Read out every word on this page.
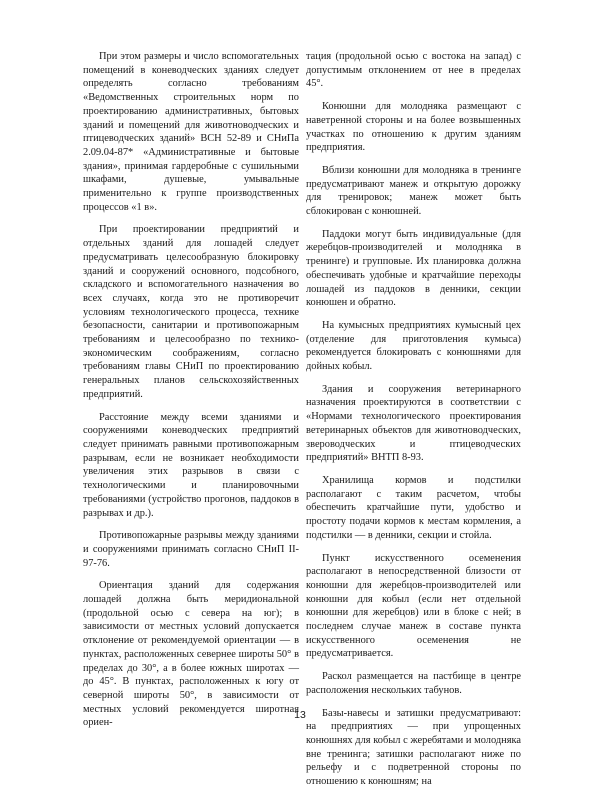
При этом размеры и число вспомогательных помещений в коневодческих зданиях следует определять согласно требованиям «Ведомственных строительных норм по проектированию административных, бытовых зданий и помещений для животноводческих и птицеводческих зданий» ВСН 52-89 и СНиПа 2.09.04-87* «Административные и бытовые здания», принимая гардеробные с сушильными шкафами, душевые, умывальные применительно к группе производственных процессов «1 в».

При проектировании предприятий и отдельных зданий для лошадей следует предусматривать целесообразную блокировку зданий и сооружений основного, подсобного, складского и вспомогательного назначения во всех случаях, когда это не противоречит условиям технологического процесса, технике безопасности, санитарии и противопожарным требованиям и целесообразно по технико-экономическим соображениям, согласно требованиям главы СНиП по проектированию генеральных планов сельскохозяйственных предприятий.

Расстояние между всеми зданиями и сооружениями коневодческих предприятий следует принимать равными противопожарным разрывам, если не возникает необходимости увеличения этих разрывов в связи с технологическими и планировочными требованиями (устройство прогонов, паддоков в разрывах и др.).

Противопожарные разрывы между зданиями и сооружениями принимать согласно СНиП II-97-76.

Ориентация зданий для содержания лошадей должна быть меридиональной (продольной осью с севера на юг); в зависимости от местных условий допускается отклонение от рекомендуемой ориентации — в пунктах, расположенных севернее широты 50° в пределах до 30°, а в более южных широтах — до 45°. В пунктах, расположенных к югу от северной широты 50°, в зависимости от местных условий рекомендуется широтная ориен-

тация (продольной осью с востока на запад) с допустимым отклонением от нее в пределах 45°.

Конюшни для молодняка размещают с наветренной стороны и на более возвышенных участках по отношению к другим зданиям предприятия.

Вблизи конюшни для молодняка в тренинге предусматривают манеж и открытую дорожку для тренировок; манеж может быть сблокирован с конюшней.

Паддоки могут быть индивидуальные (для жеребцов-производителей и молодняка в тренинге) и групповые. Их планировка должна обеспечивать удобные и кратчайшие переходы лошадей из паддоков в денники, секции конюшен и обратно.

На кумысных предприятиях кумысный цех (отделение для приготовления кумыса) рекомендуется блокировать с конюшнями для дойных кобыл.

Здания и сооружения ветеринарного назначения проектируются в соответствии с «Нормами технологического проектирования ветеринарных объектов для животноводческих, звероводческих и птицеводческих предприятий» ВНТП 8-93.

Хранилища кормов и подстилки располагают с таким расчетом, чтобы обеспечить кратчайшие пути, удобство и простоту подачи кормов к местам кормления, а подстилки — в денники, секции и стойла.

Пункт искусственного осеменения располагают в непосредственной близости от конюшни для жеребцов-производителей или конюшни для кобыл (если нет отдельной конюшни для жеребцов) или в блоке с ней; в последнем случае манеж в составе пункта искусственного осеменения не предусматривается.

Раскол размещается на пастбище в центре расположения нескольких табунов.

Базы-навесы и затишки предусматривают: на предприятиях — при упрощенных конюшнях для кобыл с жеребятами и молодняка вне тренинга; затишки располагают ниже по рельефу и с подветренной стороны по отношению к конюшням; на

13
